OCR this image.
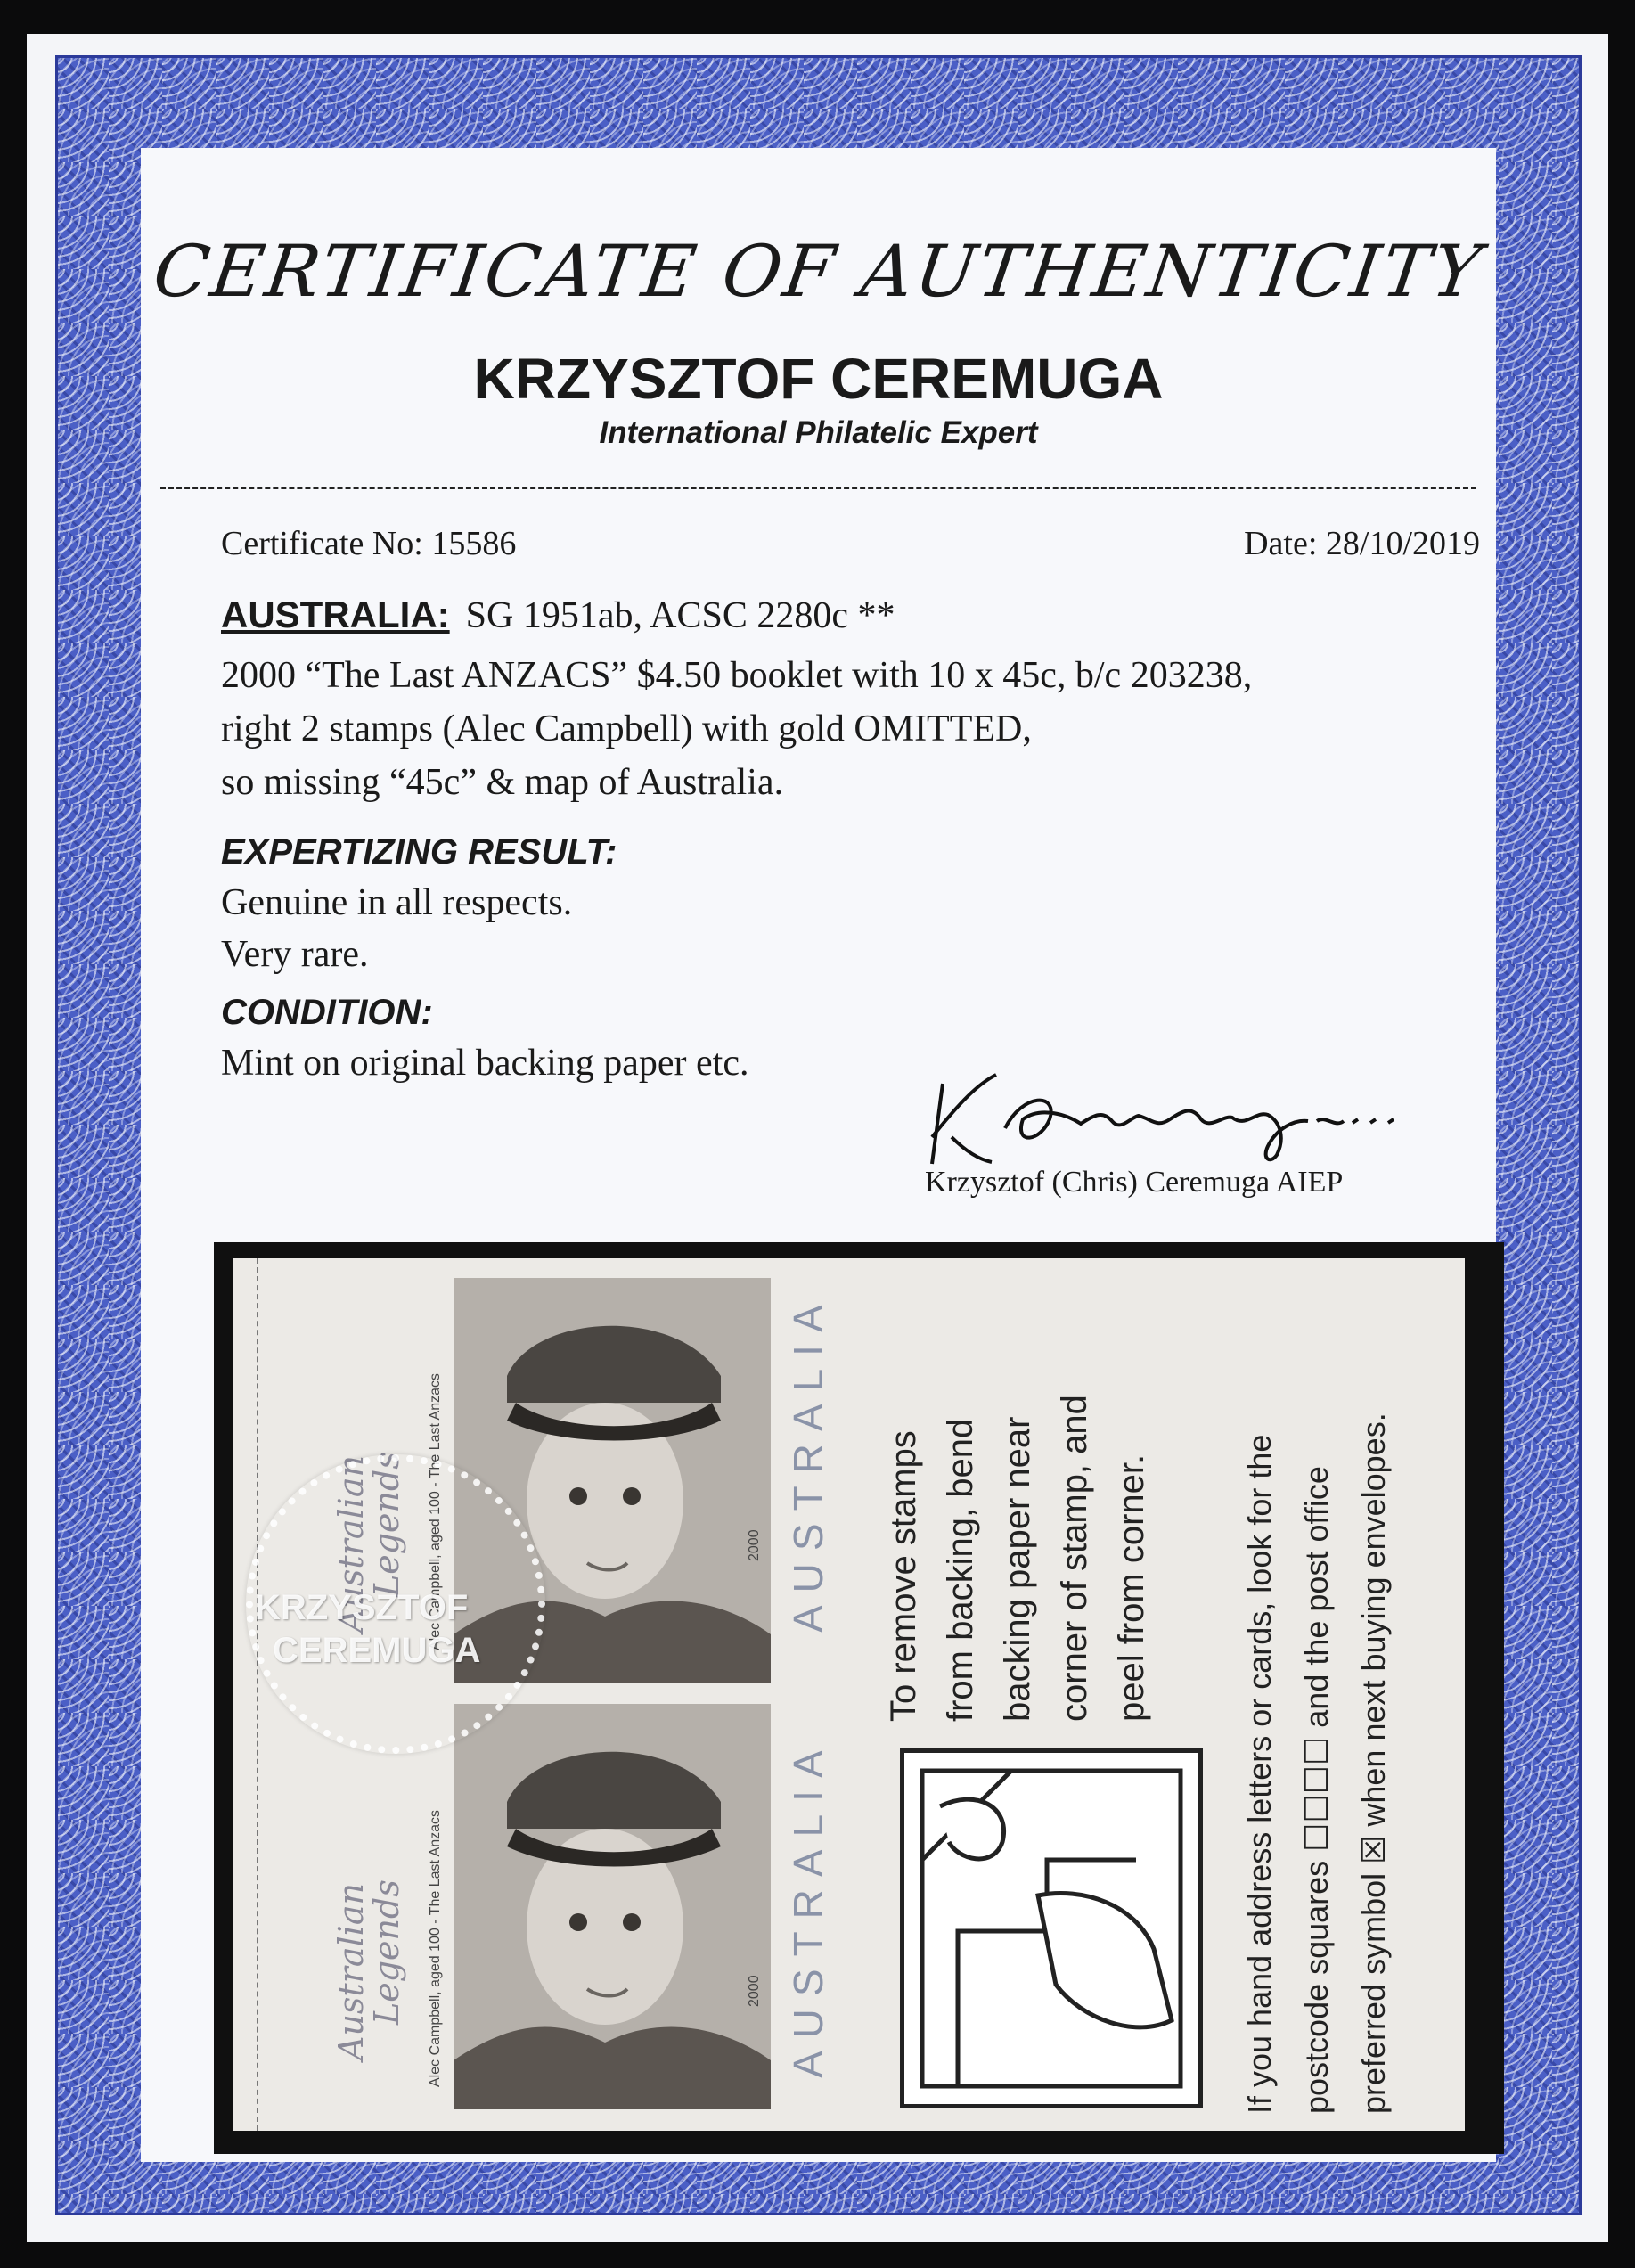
CERTIFICATE OF AUTHENTICITY
KRZYSZTOF CEREMUGA
International Philatelic Expert
Certificate No: 15586	Date: 28/10/2019
AUSTRALIA: SG 1951ab, ACSC 2280c **
2000 “The Last ANZACS” $4.50 booklet with 10 x 45c, b/c 203238,
right 2 stamps (Alec Campbell) with gold OMITTED,
so missing “45c” & map of Australia.
EXPERTIZING RESULT:
Genuine in all respects.
Very rare.
CONDITION:
Mint on original backing paper etc.
Krzysztof (Chris) Ceremuga AIEP
Australian
Legends
Australian
Legends
Alec Campbell, aged 100 - The Last Anzacs
Alec Campbell, aged 100 - The Last Anzacs
AUSTRALIA
AUSTRALIA
2000
2000
KRZYSZTOF
CEREMUGA	To remove stamps from backing, bend backing paper near corner of stamp, and peel from corner.	If you hand address letters or cards, look for the postcode squares ☐☐☐☐ and the post office preferred symbol ☒ when next buying envelopes.
